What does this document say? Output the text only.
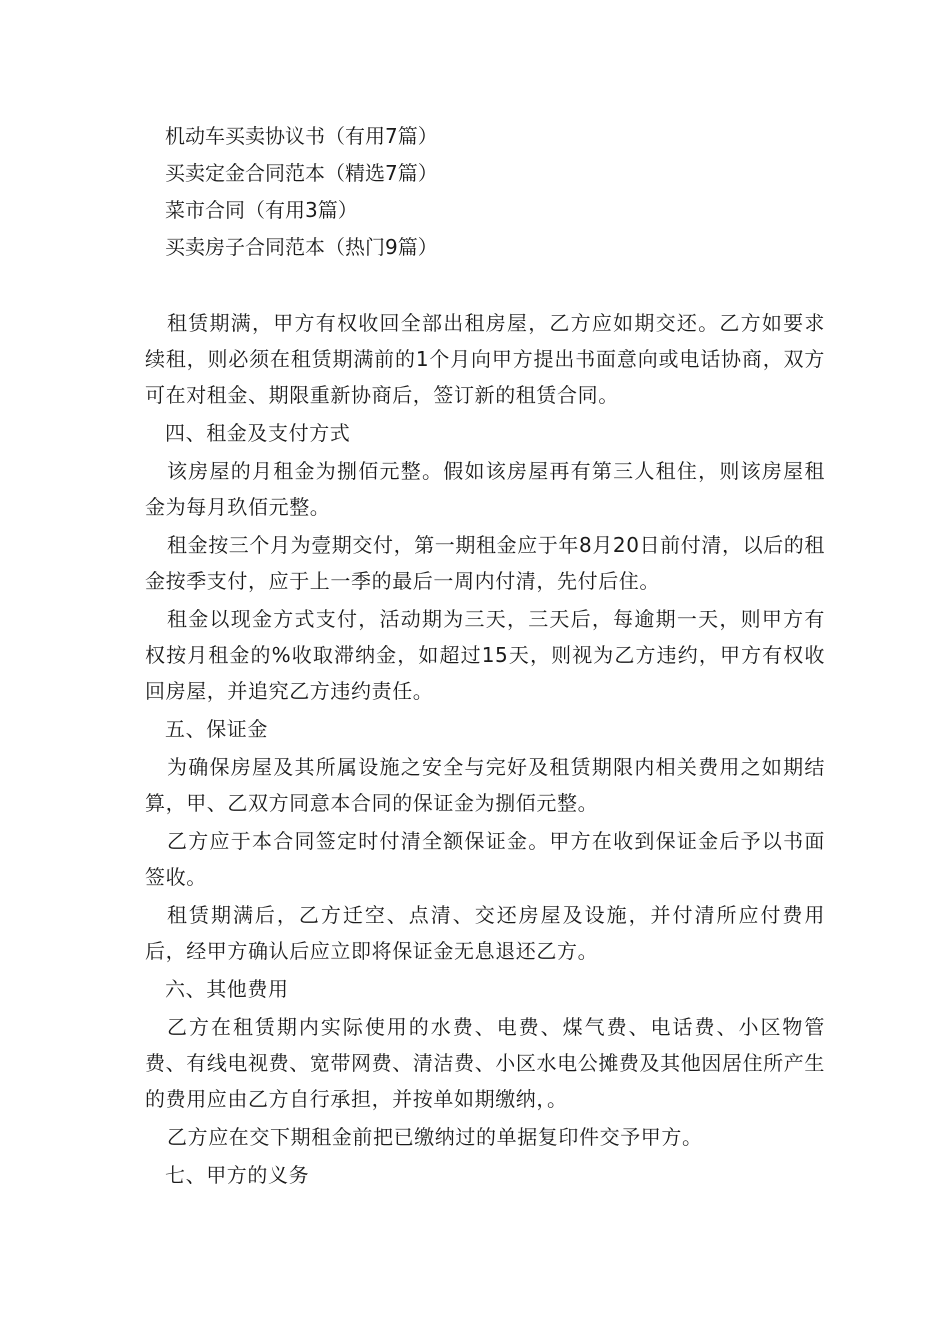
机动车买卖协议书（有用7篇）
买卖定金合同范本（精选7篇）
菜市合同（有用3篇）
买卖房子合同范本（热门9篇）

租赁期满，甲方有权收回全部出租房屋，乙方应如期交还。乙方如要求续租，则必须在租赁期满前的1个月向甲方提出书面意向或电话协商，双方可在对租金、期限重新协商后，签订新的租赁合同。

四、租金及支付方式

该房屋的月租金为捌佰元整。假如该房屋再有第三人租住，则该房屋租金为每月玖佰元整。

租金按三个月为壹期交付，第一期租金应于年8月20日前付清，以后的租金按季支付，应于上一季的最后一周内付清，先付后住。

租金以现金方式支付，活动期为三天，三天后，每逾期一天，则甲方有权按月租金的%收取滞纳金，如超过15天，则视为乙方违约，甲方有权收回房屋，并追究乙方违约责任。

五、保证金

为确保房屋及其所属设施之安全与完好及租赁期限内相关费用之如期结算，甲、乙双方同意本合同的保证金为捌佰元整。

乙方应于本合同签定时付清全额保证金。甲方在收到保证金后予以书面签收。

租赁期满后，乙方迁空、点清、交还房屋及设施，并付清所应付费用后，经甲方确认后应立即将保证金无息退还乙方。

六、其他费用

乙方在租赁期内实际使用的水费、电费、煤气费、电话费、小区物管费、有线电视费、宽带网费、清洁费、小区水电公摊费及其他因居住所产生的费用应由乙方自行承担，并按单如期缴纳，。

乙方应在交下期租金前把已缴纳过的单据复印件交予甲方。

七、甲方的义务
